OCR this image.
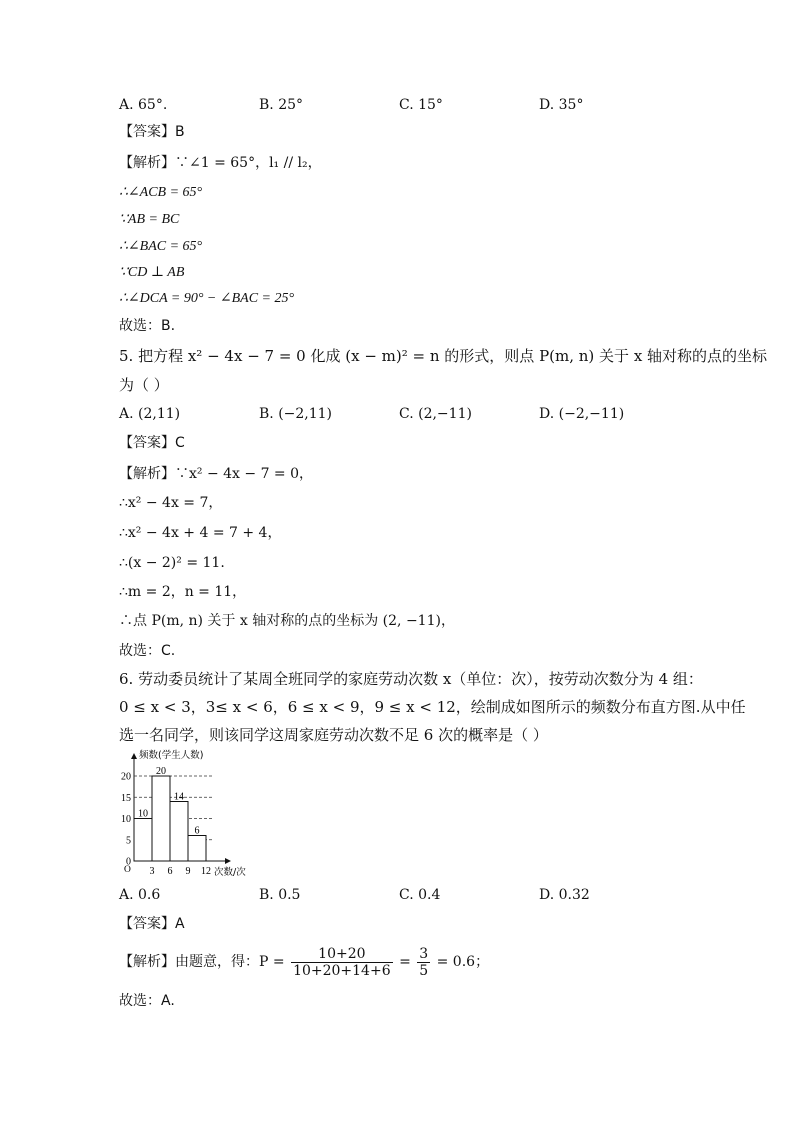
A. 65°.	B. 25°	C. 15°	D. 35°
【答案】B
【解析】∵∠1 = 65°，l₁ // l₂，
∴∠ACB = 65°
∵AB = BC
∴∠BAC = 65°
∵CD ⊥ AB
∴∠DCA = 90° − ∠BAC = 25°
故选：B.
5. 把方程 x² − 4x − 7 = 0 化成 (x − m)² = n 的形式，则点 P(m, n) 关于 x 轴对称的点的坐标
为（ ）
A. (2,11)	B. (−2,11)	C. (2,−11)	D. (−2,−11)
【答案】C
【解析】∵x² − 4x − 7 = 0，
∴x² − 4x = 7，
∴x² − 4x + 4 = 7 + 4，
∴(x − 2)² = 11.
∴m = 2，n = 11，
∴点 P(m, n) 关于 x 轴对称的点的坐标为 (2, −11)，
故选：C.
6. 劳动委员统计了某周全班同学的家庭劳动次数 x（单位：次），按劳动次数分为 4 组：
0 ≤ x < 3，3≤ x < 6，6 ≤ x < 9，9 ≤ x < 12，绘制成如图所示的频数分布直方图.从中任
选一名同学，则该同学这周家庭劳动次数不足 6 次的概率是（ ）
10
20
14
6
0
5
10
15
20
3 6 9 12
频数(学生人数)
次数/次
O
A. 0.6	B. 0.5	C. 0.4	D. 0.32
【答案】A
【解析】由题意，得：$P = \frac{10+20}{10+20+14+6} = \frac{3}{5} = 0.6$；
故选：A.
